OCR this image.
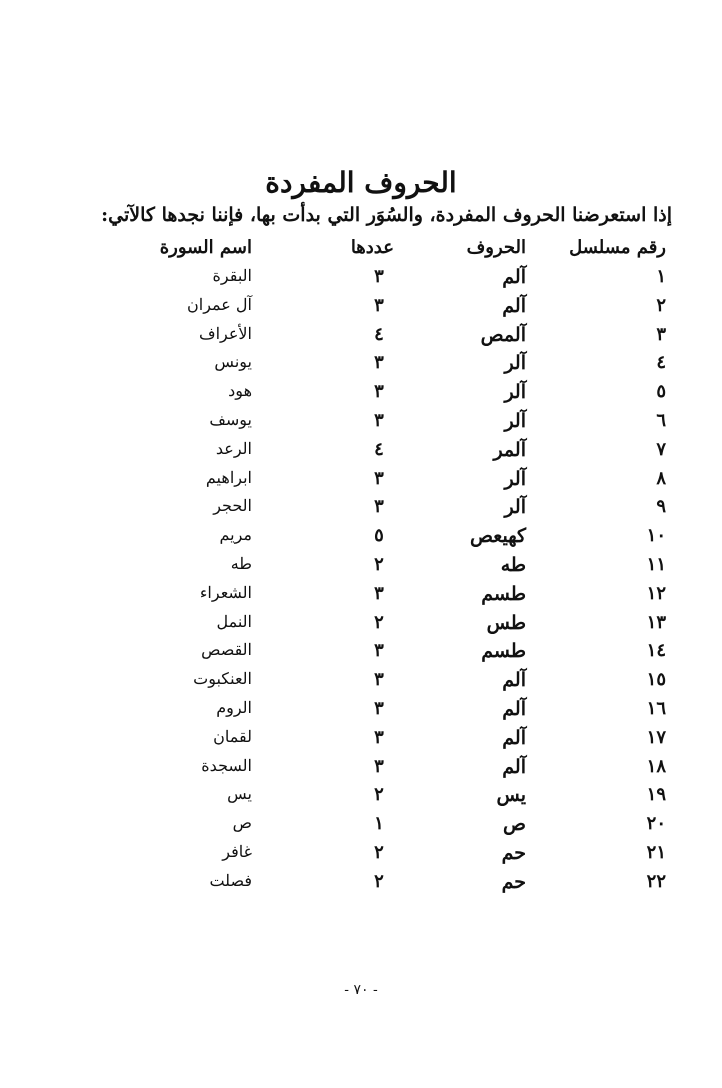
الحروف المفردة

إذا استعرضنا الحروف المفردة، والسُوَر التي بدأت بها، فإننا نجدها كالآتي:

رقم مسلسل
الحروف
عددها
اسم السورة
١
آلم
٣
البقرة
٢
آلم
٣
آل عمران
٣
آلمص
٤
الأعراف
٤
آلر
٣
يونس
٥
آلر
٣
هود
٦
آلر
٣
يوسف
٧
آلمر
٤
الرعد
٨
آلر
٣
ابراهيم
٩
آلر
٣
الحجر
١٠
كهيعص
٥
مريم
١١
طه
٢
طه
١٢
طسم
٣
الشعراء
١٣
طس
٢
النمل
١٤
طسم
٣
القصص
١٥
آلم
٣
العنكبوت
١٦
آلم
٣
الروم
١٧
آلم
٣
لقمان
١٨
آلم
٣
السجدة
١٩
يس
٢
يس
٢٠
ص
١
ص
٢١
حم
٢
غافر
٢٢
حم
٢
فصلت

- ٧٠ -
